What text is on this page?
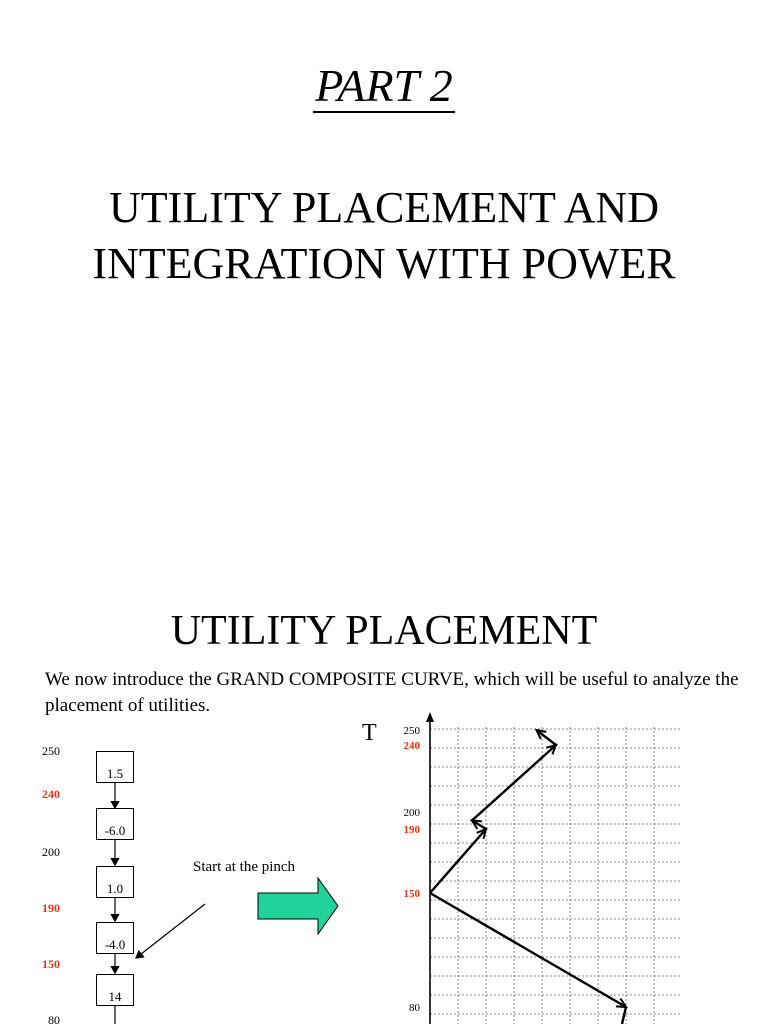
PART 2
UTILITY PLACEMENT AND INTEGRATION WITH POWER
UTILITY PLACEMENT
We now introduce the GRAND COMPOSITE CURVE, which will be useful to analyze the placement of utilities.
250
240
200
190
150
80
1.5
-6.0
1.0
-4.0
14
Start at the pinch
T 250
240
200
190
150
80
